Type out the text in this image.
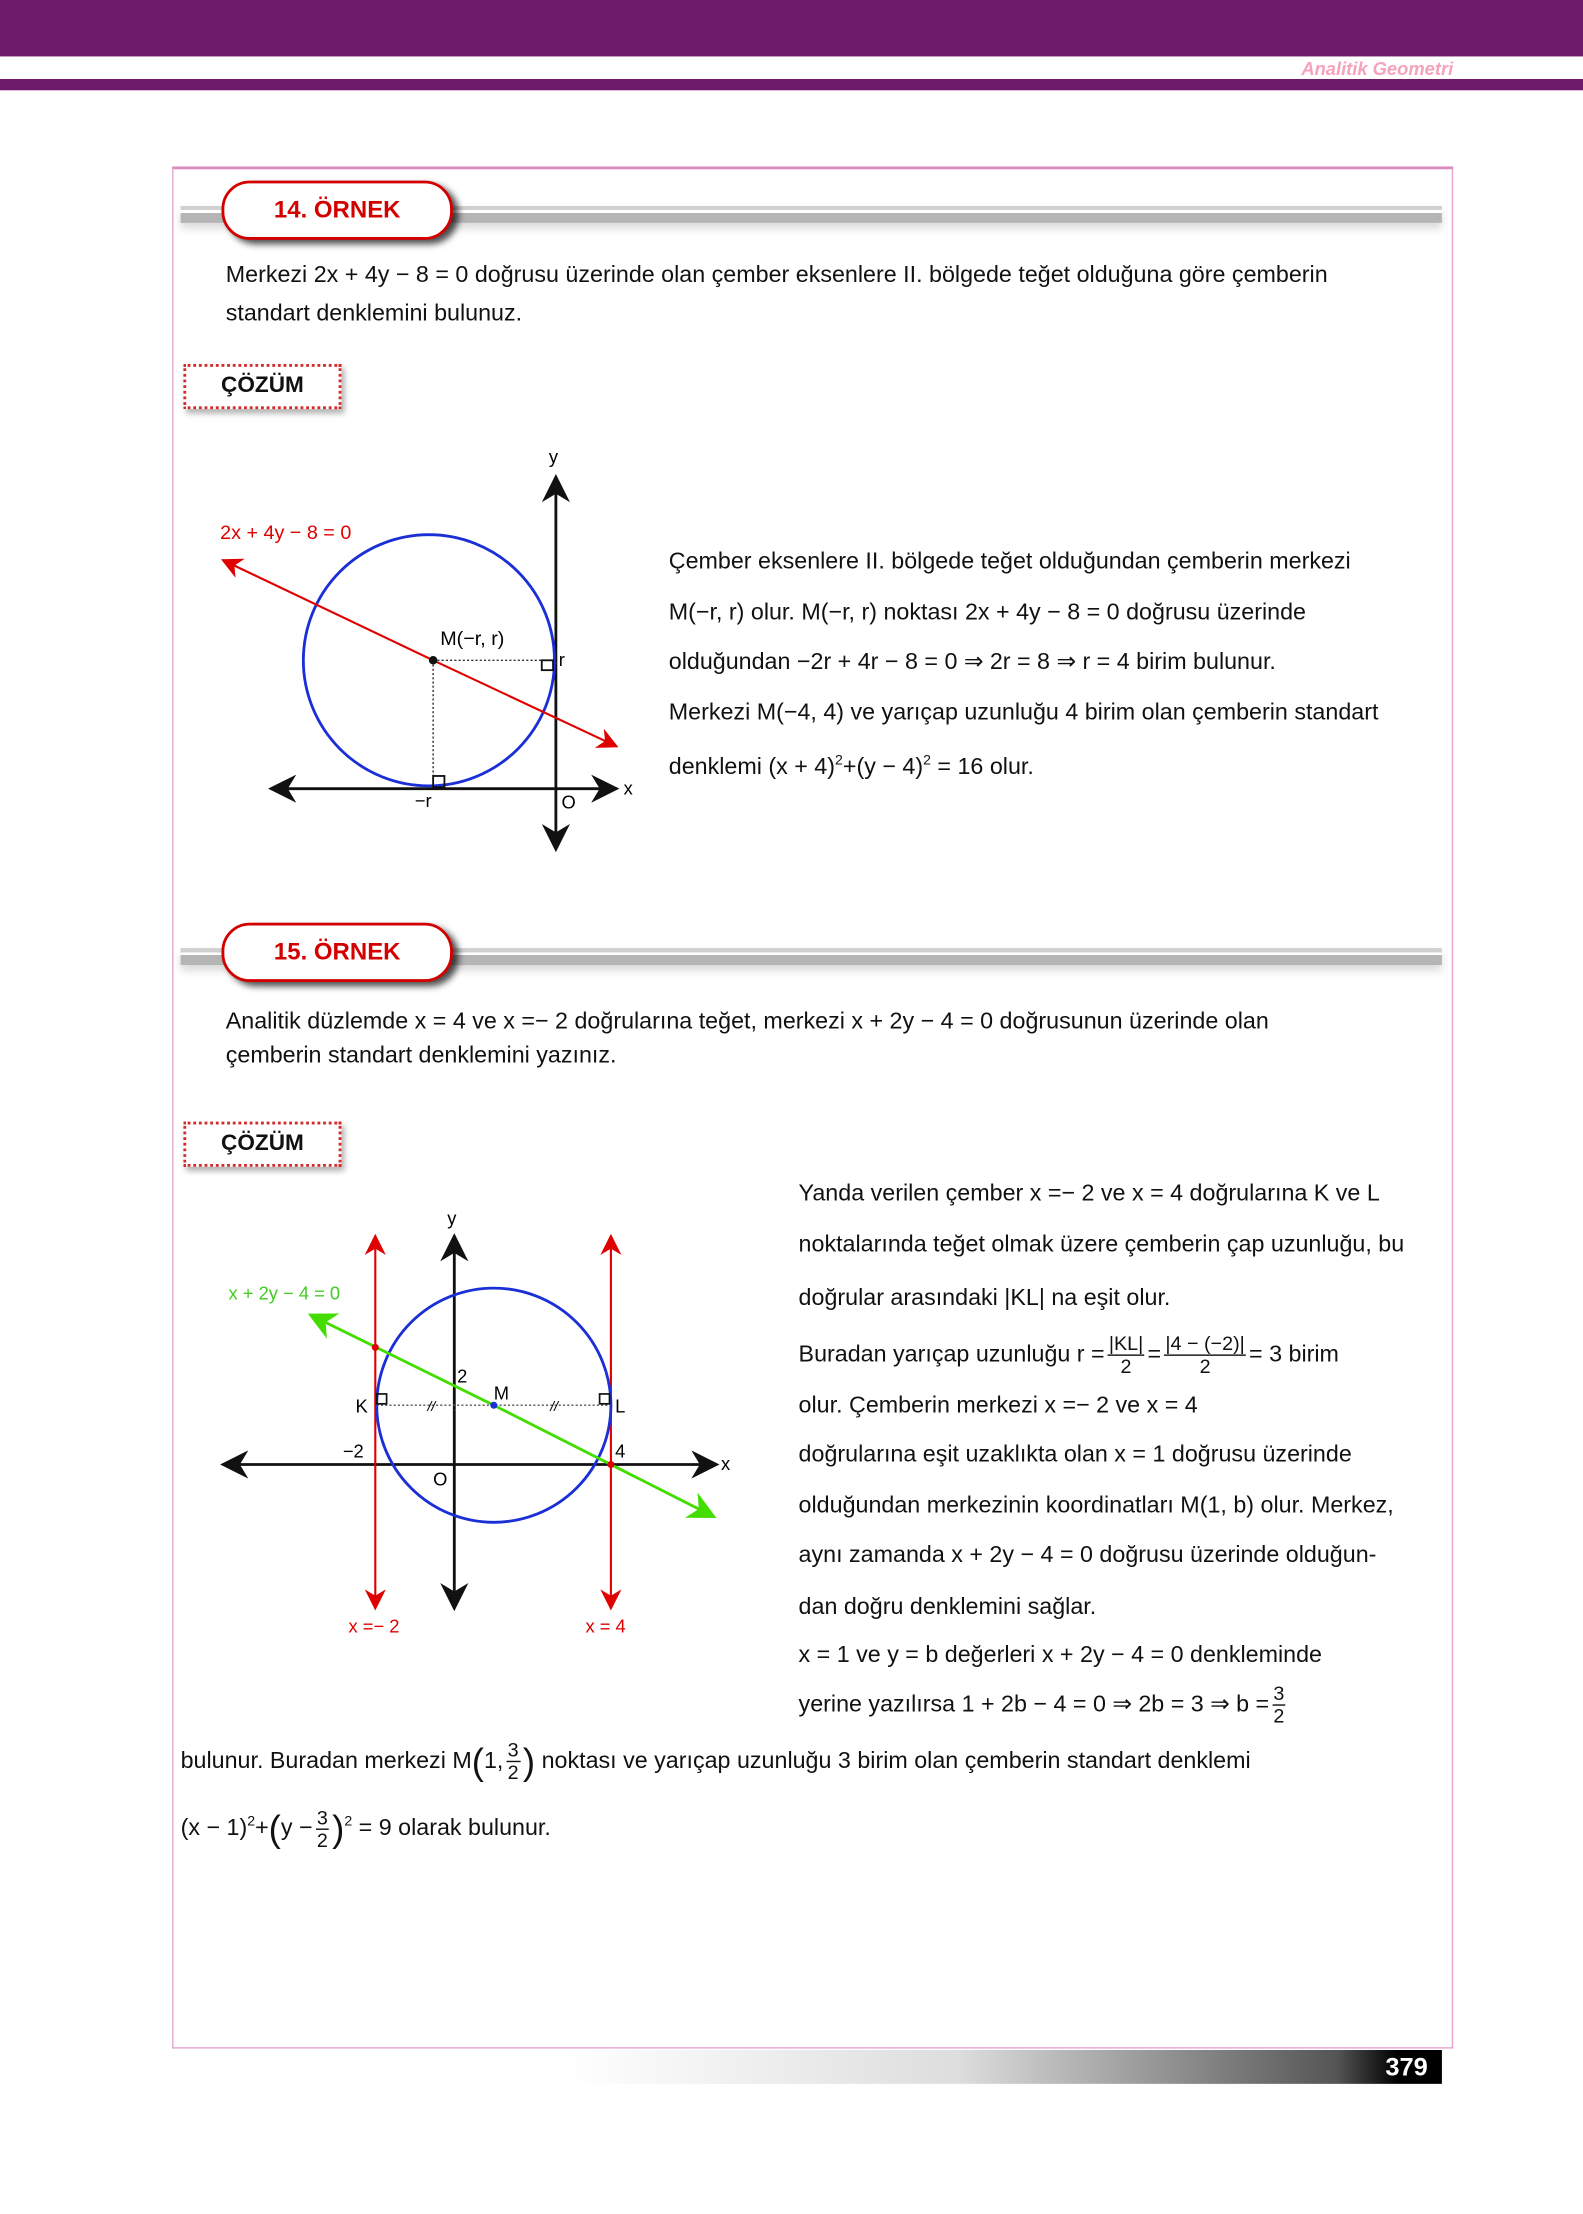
Analitik Geometri
14. ÖRNEK
Merkezi 2x + 4y − 8 = 0 doğrusu üzerinde olan çember eksenlere II. bölgede teğet olduğuna göre çemberin
standart denklemini bulunuz.
ÇÖZÜM
2x + 4y − 8 = 0
M(−r, r)
r
−r	O
x
y
//	//
x + 2y − 4 = 0
x =− 2	x = 4
K	L
M
2
−2	4
O
x
y
Çember eksenlere II. bölgede teğet olduğundan çemberin merkezi
M(−r, r) olur. M(−r, r) noktası 2x + 4y − 8 = 0 doğrusu üzerinde
olduğundan −2r + 4r − 8 = 0 ⇒ 2r = 8 ⇒ r = 4 birim bulunur.
Merkezi M(−4, 4) ve yarıçap uzunluğu 4 birim olan çemberin standart
denklemi $(x + 4)^2+(y - 4)^2 = 16$ olur.
15. ÖRNEK
Analitik düzlemde x = 4 ve x =− 2 doğrularına teğet, merkezi x + 2y − 4 = 0 doğrusunun üzerinde olan
çemberin standart denklemini yazınız.
ÇÖZÜM
Yanda verilen çember x =− 2 ve x = 4 doğrularına K ve L
noktalarında teğet olmak üzere çemberin çap uzunluğu, bu
doğrular arasındaki |KL| na eşit olur.
Buradan yarıçap uzunluğu $r = \frac{|KL|}{2} = \frac{|4 - (-2)|}{2} = 3$ birim
olur. Çemberin merkezi x =− 2 ve x = 4
doğrularına eşit uzaklıkta olan x = 1 doğrusu üzerinde
olduğundan merkezinin koordinatları M(1, b) olur. Merkez,
aynı zamanda x + 2y − 4 = 0 doğrusu üzerinde olduğun-
dan doğru denklemini sağlar.
x = 1 ve y = b değerleri x + 2y − 4 = 0 denkleminde
yerine yazılırsa 1 + 2b − 4 = 0 ⇒ 2b = 3 ⇒ $b = \frac{3}{2}$
bulunur. Buradan merkezi M(1, $\frac{3}{2}$ ) noktası ve yarıçap uzunluğu 3 birim olan çemberin standart denklemi
$(x - 1)^2+(y - \frac{3}{2} )^2 = 9$ olarak bulunur.
379
